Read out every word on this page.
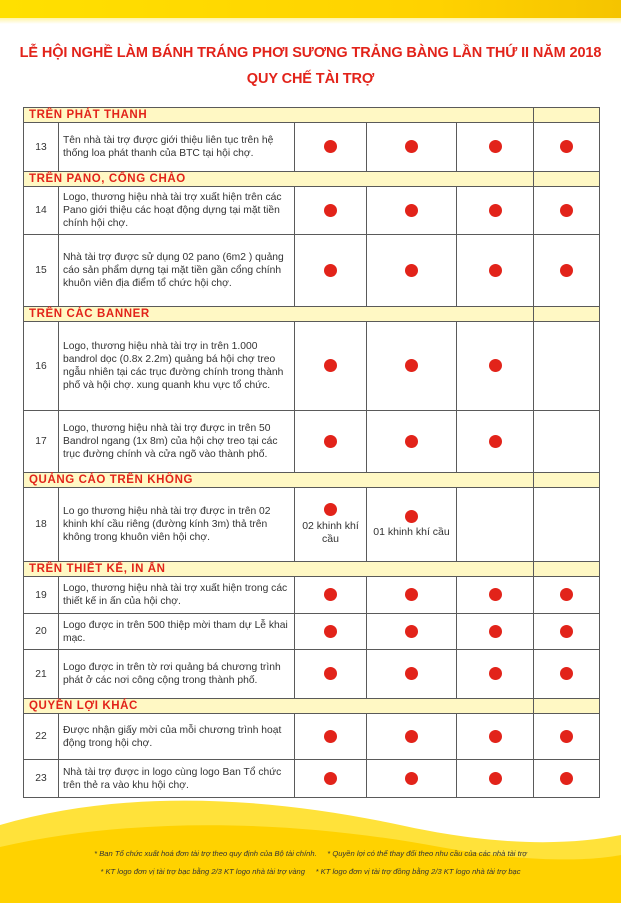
LỄ HỘI NGHỀ LÀM BÁNH TRÁNG PHƠI SƯƠNG TRẢNG BÀNG LẦN THỨ II NĂM 2018
QUY CHẾ TÀI TRỢ
TRÊN PHÁT THANH					
13	Tên nhà tài trợ được giới thiệu liên tục trên hệ thống loa phát thanh của BTC tại hội chợ.				
TRÊN PANO, CỔNG CHÀO					
14	Logo, thương hiệu nhà tài trợ xuất hiện trên các Pano giới thiệu các hoạt động dựng tại mặt tiền chính hội chợ.				
15	Nhà tài trợ được sử dụng 02 pano (6m2 ) quảng cáo sản phẩm dựng tại mặt tiền gần cổng chính khuôn viên địa điểm tổ chức hội chợ.				
TRÊN CÁC BANNER					
16	Logo, thương hiệu nhà tài trợ in trên 1.000 bandrol dọc (0.8x 2.2m) quảng bá hội chợ treo ngẫu nhiên tại các trục đường chính trong thành phố và hội chợ. xung quanh khu vực tổ chức.				
17	Logo, thương hiệu nhà tài trợ được in trên 50 Bandrol ngang (1x 8m) của hội chợ treo tại các trục đường chính và cửa ngõ vào thành phố.				
QUẢNG CÁO TRÊN KHÔNG					
18	Lo go thương hiệu nhà tài trợ được in trên 02 khinh khí cầu riêng (đường kính 3m) thả trên không trong khuôn viên hội chợ.	02 khinh khí cầu	01 khinh khí cầu		

TRÊN THIẾT KẾ, IN ẤN					
19	Logo, thương hiệu nhà tài trợ xuất hiện trong các thiết kế in ấn của hội chợ.				
20	Logo được in trên 500 thiệp mời tham dự Lễ khai mạc.				
21	Logo được in trên tờ rơi quảng bá chương trình phát ở các nơi công cộng trong thành phố.				
QUYỀN LỢI KHÁC					
22	Được nhận giấy mời của mỗi chương trình hoạt động trong hội chợ.				
23	Nhà tài trợ được in logo cùng logo Ban Tổ chức trên thẻ ra vào khu hội chợ.				
* Ban Tổ chức xuất hoá đơn tài trợ theo quy định của Bộ tài chính. * Quyền lợi có thể thay đổi theo nhu cầu của các nhà tài trợ
* KT logo đơn vị tài trợ bạc bằng 2/3 KT logo nhà tài trợ vàng * KT logo đơn vị tài trợ đồng bằng 2/3 KT logo nhà tài trợ bạc
